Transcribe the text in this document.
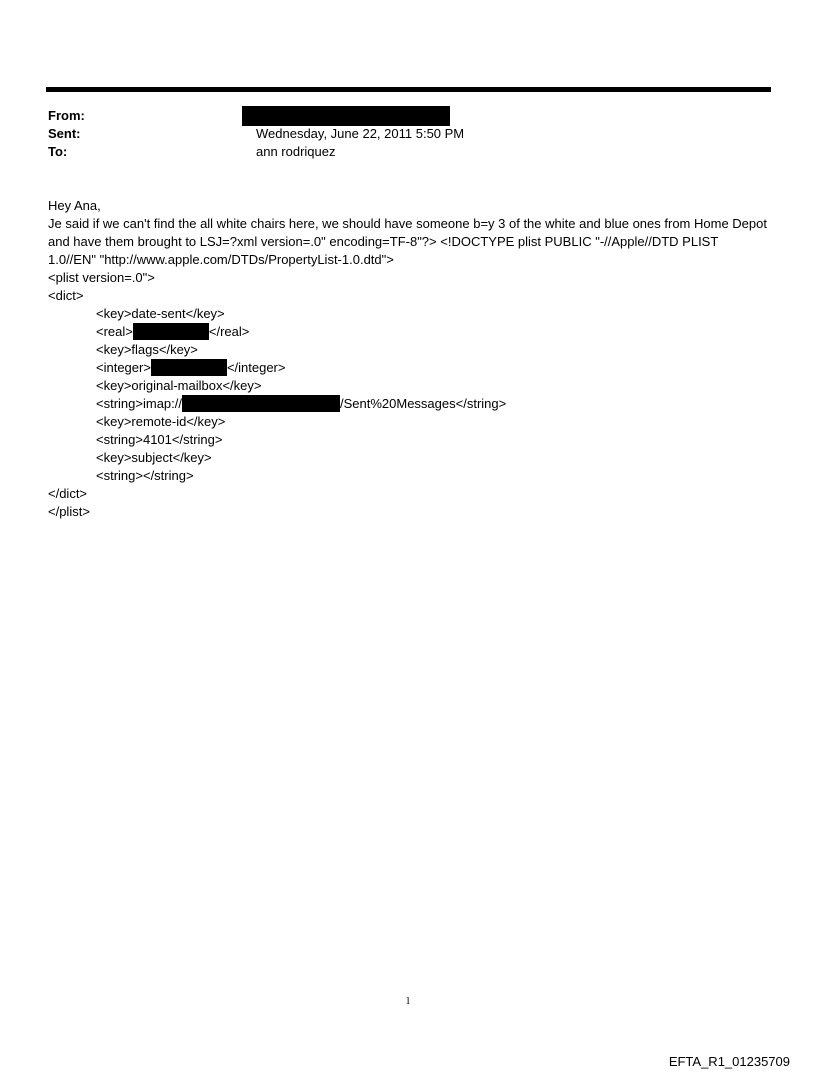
From:
Sent:	Wednesday, June 22, 2011 5:50 PM
To:	ann rodriquez

Hey Ana,

Je said if we can't find the all white chairs here, we should have someone b=y 3 of the white and blue ones from Home Depot and have them brought to LSJ=?xml version=.0" encoding=TF-8"?> <!DOCTYPE plist PUBLIC "-//Apple//DTD PLIST 1.0//EN" "http://www.apple.com/DTDs/PropertyList-1.0.dtd">

<plist version=.0">

<dict>

<key>date-sent</key>

<real>	</real>

<key>flags</key>

<integer>	</integer>

<key>original-mailbox</key>

<string>imap://	/Sent%20Messages</string>

<key>remote-id</key>

<string>4101</string>

<key>subject</key>

<string></string>

</dict>

</plist>

1
EFTA_R1_01235709
